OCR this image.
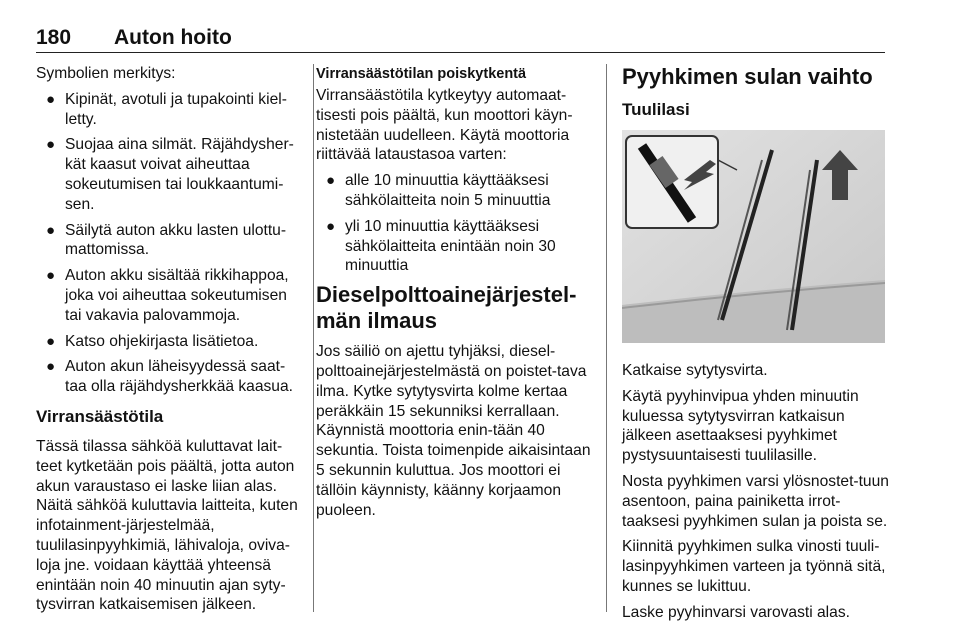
180 Auton hoito

Symbolien merkitys:

● Kipinät, avotuli ja tupakointi kiel-letty.
● Suojaa aina silmät. Räjähdysher-kät kaasut voivat aiheuttaa sokeutumisen tai loukkaantumi-sen.
● Säilytä auton akku lasten ulottu-mattomissa.
● Auton akku sisältää rikkihappoa, joka voi aiheuttaa sokeutumisen tai vakavia palovammoja.
● Katso ohjekirjasta lisätietoa.
● Auton akun läheisyydessä saat-taa olla räjähdysherkkää kaasua.
Virransäästötila

Tässä tilassa sähköä kuluttavat lait-teet kytketään pois päältä, jotta auton akun varaustaso ei laske liian alas. Näitä sähköä kuluttavia laitteita, kuten infotainment-järjestelmää, tuulilasinpyyhkimiä, lähivaloja, oviva-loja jne. voidaan käyttää yhteensä enintään noin 40 minuutin ajan syty-tysvirran katkaisemisen jälkeen.

Virransäästötilan poiskytkentä

Virransäästötila kytkeytyy automaat-tisesti pois päältä, kun moottori käyn-nistetään uudelleen. Käytä moottoria riittävää lataustasoa varten:

● alle 10 minuuttia käyttääksesi sähkölaitteita noin 5 minuuttia
● yli 10 minuuttia käyttääksesi sähkölaitteita enintään noin 30 minuuttia
Dieselpolttoainejärjestel-män ilmaus

Jos säiliö on ajettu tyhjäksi, diesel-polttoainejärjestelmästä on poistet-tava ilma. Kytke sytytysvirta kolme kertaa peräkkäin 15 sekunniksi kerrallaan. Käynnistä moottoria enin-tään 40 sekuntia. Toista toimenpide aikaisintaan 5 sekunnin kuluttua. Jos moottori ei tällöin käynnisty, käänny korjaamon puoleen.

Pyyhkimen sulan vaihto
Tuulilasi

Katkaise sytytysvirta.

Käytä pyyhinvipua yhden minuutin kuluessa sytytysvirran katkaisun jälkeen asettaaksesi pyyhkimet pystysuuntaisesti tuulilasille.

Nosta pyyhkimen varsi ylösnostet-tuun asentoon, paina painiketta irrot-taaksesi pyyhkimen sulan ja poista se.

Kiinnitä pyyhkimen sulka vinosti tuuli-lasinpyyhkimen varteen ja työnnä sitä, kunnes se lukittuu.

Laske pyyhinvarsi varovasti alas.
